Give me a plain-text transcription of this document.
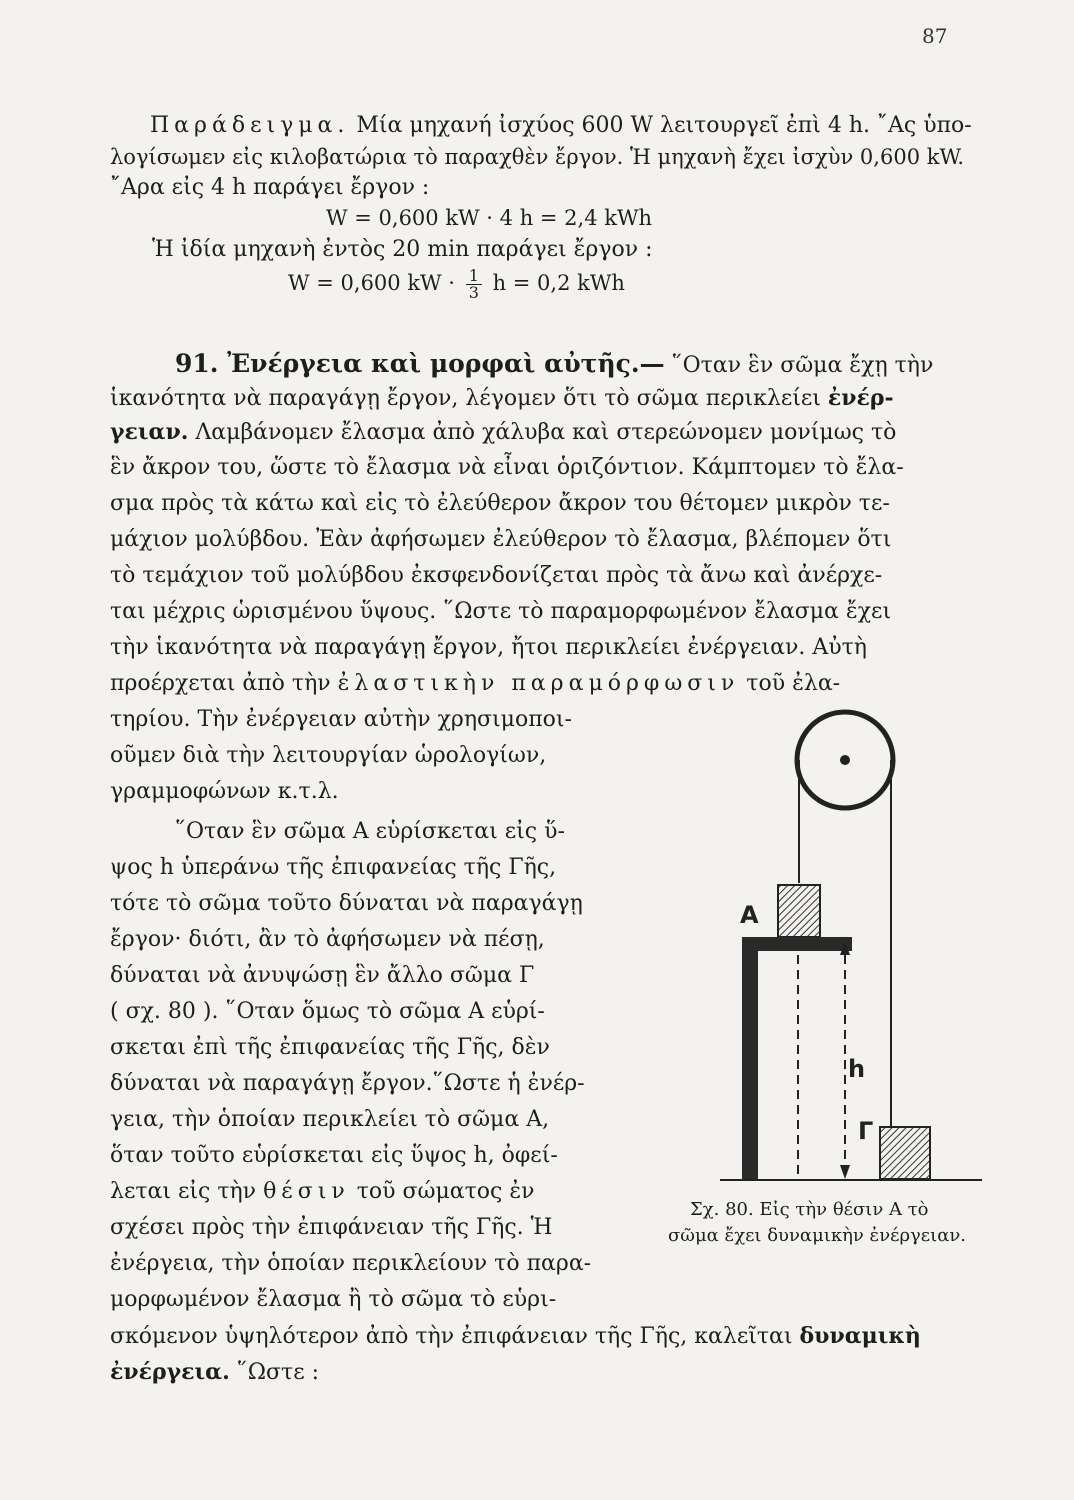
87
Παράδειγμα. Μία μηχανή ἰσχύος 600 W λειτουργεῖ ἐπὶ 4 h. ῎Ας ὑπο-
λογίσωμεν εἰς κιλοβατώρια τὸ παραχθὲν ἔργον. Ἡ μηχανὴ ἔχει ἰσχὺν 0,600 kW.
῎Αρα εἰς 4 h παράγει ἔργον :
W = 0,600 kW · 4 h = 2,4 kWh
Ἡ ἰδία μηχανὴ ἐντὸς 20 min παράγει ἔργον :
W = 0,600 kW · $\frac{1}{3}$ h = 0,2 kWh
91. Ἐνέργεια καὶ μορφαὶ αὐτῆς.— ῞Οταν ἓν σῶμα ἔχῃ τὴν
ἱκανότητα νὰ παραγάγῃ ἔργον, λέγομεν ὅτι τὸ σῶμα περικλείει ἐνέρ-
γειαν. Λαμβάνομεν ἔλασμα ἀπὸ χάλυβα καὶ στερεώνομεν μονίμως τὸ
ἓν ἄκρον του, ὥστε τὸ ἔλασμα νὰ εἶναι ὁριζόντιον. Κάμπτομεν τὸ ἔλα-
σμα πρὸς τὰ κάτω καὶ εἰς τὸ ἐλεύθερον ἄκρον του θέτομεν μικρὸν τε-
μάχιον μολύβδου. Ἐὰν ἀφήσωμεν ἐλεύθερον τὸ ἔλασμα, βλέπομεν ὅτι
τὸ τεμάχιον τοῦ μολύβδου ἐκσφενδονίζεται πρὸς τὰ ἄνω καὶ ἀνέρχε-
ται μέχρις ὡρισμένου ὕψους. ῞Ωστε τὸ παραμορφωμένον ἔλασμα ἔχει
τὴν ἱκανότητα νὰ παραγάγῃ ἔργον, ἤτοι περικλείει ἐνέργειαν. Αὐτὴ
προέρχεται ἀπὸ τὴν ἐλαστικὴν παραμόρφωσιν τοῦ ἐλα-
τηρίου. Τὴν ἐνέργειαν αὐτὴν χρησιμοποι-
οῦμεν διὰ τὴν λειτουργίαν ὡρολογίων,
γραμμοφώνων κ.τ.λ.
῞Οταν ἓν σῶμα Α εὑρίσκεται εἰς ὕ-
ψος h ὑπεράνω τῆς ἐπιφανείας τῆς Γῆς,
τότε τὸ σῶμα τοῦτο δύναται νὰ παραγάγῃ
ἔργον· διότι, ἂν τὸ ἀφήσωμεν νὰ πέσῃ,
δύναται νὰ ἀνυψώσῃ ἓν ἄλλο σῶμα Γ
( σχ. 80 ). ῞Οταν ὅμως τὸ σῶμα Α εὑρί-
σκεται ἐπὶ τῆς ἐπιφανείας τῆς Γῆς, δὲν
δύναται νὰ παραγάγῃ ἔργον.῞Ωστε ἡ ἐνέρ-
γεια, τὴν ὁποίαν περικλείει τὸ σῶμα Α,
ὅταν τοῦτο εὑρίσκεται εἰς ὕψος h, ὀφεί-
λεται εἰς τὴν θέσιν τοῦ σώματος ἐν
σχέσει πρὸς τὴν ἐπιφάνειαν τῆς Γῆς. Ἡ
ἐνέργεια, τὴν ὁποίαν περικλείουν τὸ παρα-
μορφωμένον ἔλασμα ἢ τὸ σῶμα τὸ εὑρι-
σκόμενον ὑψηλότερον ἀπὸ τὴν ἐπιφάνειαν τῆς Γῆς, καλεῖται δυναμικὴ
ἐνέργεια. ῞Ωστε :
Α
h
Γ
Σχ. 80. Εἰς τὴν θέσιν Α τὸ
σῶμα ἔχει δυναμικὴν ἐνέργειαν.
